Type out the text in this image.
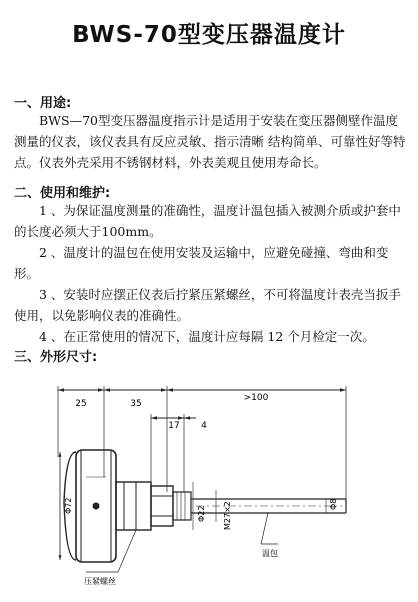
BWS-70型变压器温度计
一、用途:
BWS—70型变压器温度指示计是适用于安装在变压器侧壁作温度测量的仪表，该仪表具有反应灵敏、指示清晰 结构简单、可靠性好等特点。仪表外壳采用不锈钢材料，外表美观且使用寿命长。
二、使用和维护:
1 、为保证温度测量的准确性，温度计温包插入被测介质或护套中的长度必须大于100mm。
2 、温度计的温包在使用安装及运输中，应避免碰撞、弯曲和变形。
3 、安装时应摆正仪表后拧紧压紧螺丝，不可将温度计表壳当扳手使用，以免影响仪表的准确性。
4 、在正常使用的情况下，温度计应每隔 12 个月检定一次。
三、外形尺寸:
25	35
>100
17 4
Φ72	Φ22 M27×2	Φ8
温包
压紧螺丝
